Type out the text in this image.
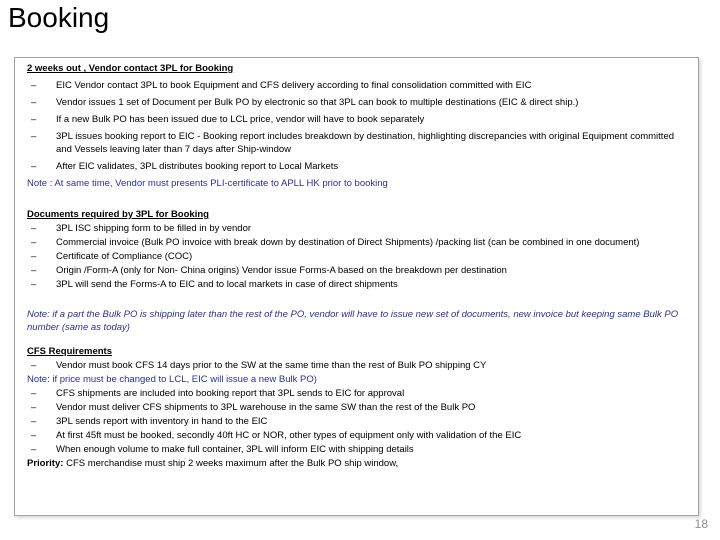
Booking

2 weeks out , Vendor contact 3PL for Booking

–	EIC Vendor contact 3PL to book Equipment and CFS delivery according to final consolidation committed with EIC
–	Vendor issues 1 set of Document per Bulk PO by electronic so that 3PL can book to multiple destinations (EIC & direct ship.)
–	If a new Bulk PO has been issued due to LCL price, vendor will have to book separately
–	3PL issues booking report to EIC - Booking report includes breakdown by destination, highlighting discrepancies with original Equipment committed and Vessels leaving later than 7 days after Ship-window
–	After EIC validates, 3PL distributes booking report to Local Markets

Note : At same time, Vendor must presents PLI-certificate to APLL HK prior to booking

Documents required by 3PL for Booking

–	3PL ISC shipping form to be filled in by vendor
–	Commercial invoice (Bulk PO invoice with break down by destination of Direct Shipments) /packing list (can be combined in one document)
–	Certificate of Compliance (COC)
–	Origin /Form-A (only for Non- China origins) Vendor issue Forms-A based on the breakdown per destination
–	3PL will send the Forms-A to EIC and to local markets in case of direct shipments

Note: if a part the Bulk PO is shipping later than the rest of the PO, vendor will have to issue new set of documents, new invoice but keeping same Bulk PO number (same as today)

CFS Requirements

–	Vendor must book CFS 14 days prior to the SW at the same time than the rest of Bulk PO shipping CY

Note: if price must be changed to LCL, EIC will issue a new Bulk PO)

–	CFS shipments are included into booking report that 3PL sends to EIC for approval
–	Vendor must deliver CFS shipments to 3PL warehouse in the same SW than the rest of the Bulk PO
–	3PL sends report with inventory in hand to the EIC
–	At first 45ft must be booked, secondly 40ft HC or NOR, other types of equipment only with validation of the EIC
–	When enough volume to make full container, 3PL will inform EIC with shipping details

Priority: CFS merchandise must ship 2 weeks maximum after the Bulk PO ship window,

18
